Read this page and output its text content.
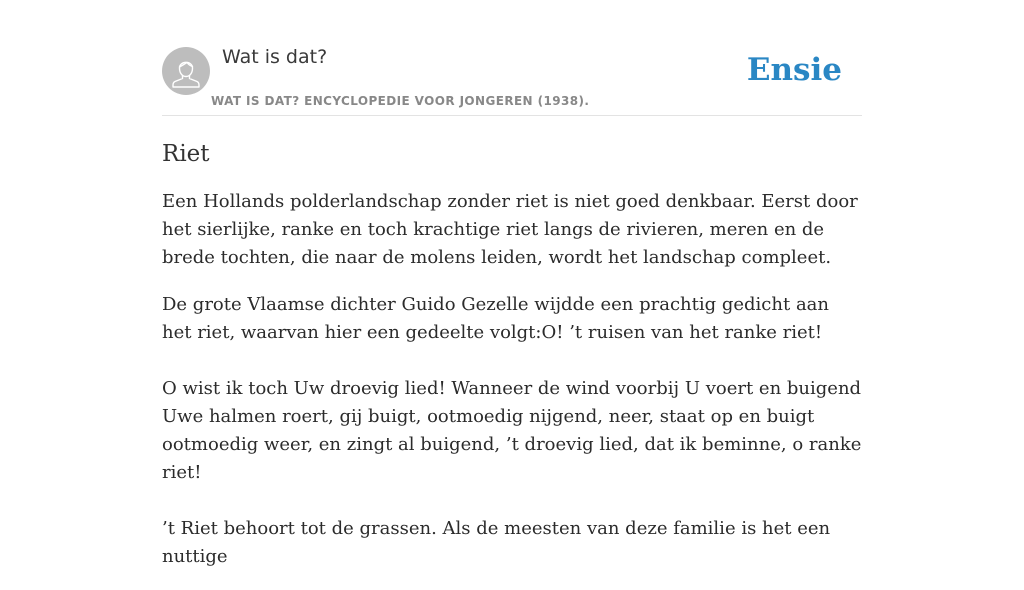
Wat is dat?
WAT IS DAT? ENCYCLOPEDIE VOOR JONGEREN (1938).
Ensie
Riet

Een Hollands polderlandschap zonder riet is niet goed denkbaar. Eerst door het sierlijke, ranke en toch krachtige riet langs de rivieren, meren en de brede tochten, die naar de molens leiden, wordt het landschap compleet.

De grote Vlaamse dichter Guido Gezelle wijdde een prachtig gedicht aan het riet, waarvan hier een gedeelte volgt:O! ’t ruisen van het ranke riet!

O wist ik toch Uw droevig lied! Wanneer de wind voorbij U voert en buigend Uwe halmen roert, gij buigt, ootmoedig nijgend, neer, staat op en buigt ootmoedig weer, en zingt al buigend, ’t droevig lied, dat ik beminne, o ranke riet!

’t Riet behoort tot de grassen. Als de meesten van deze familie is het een nuttige
